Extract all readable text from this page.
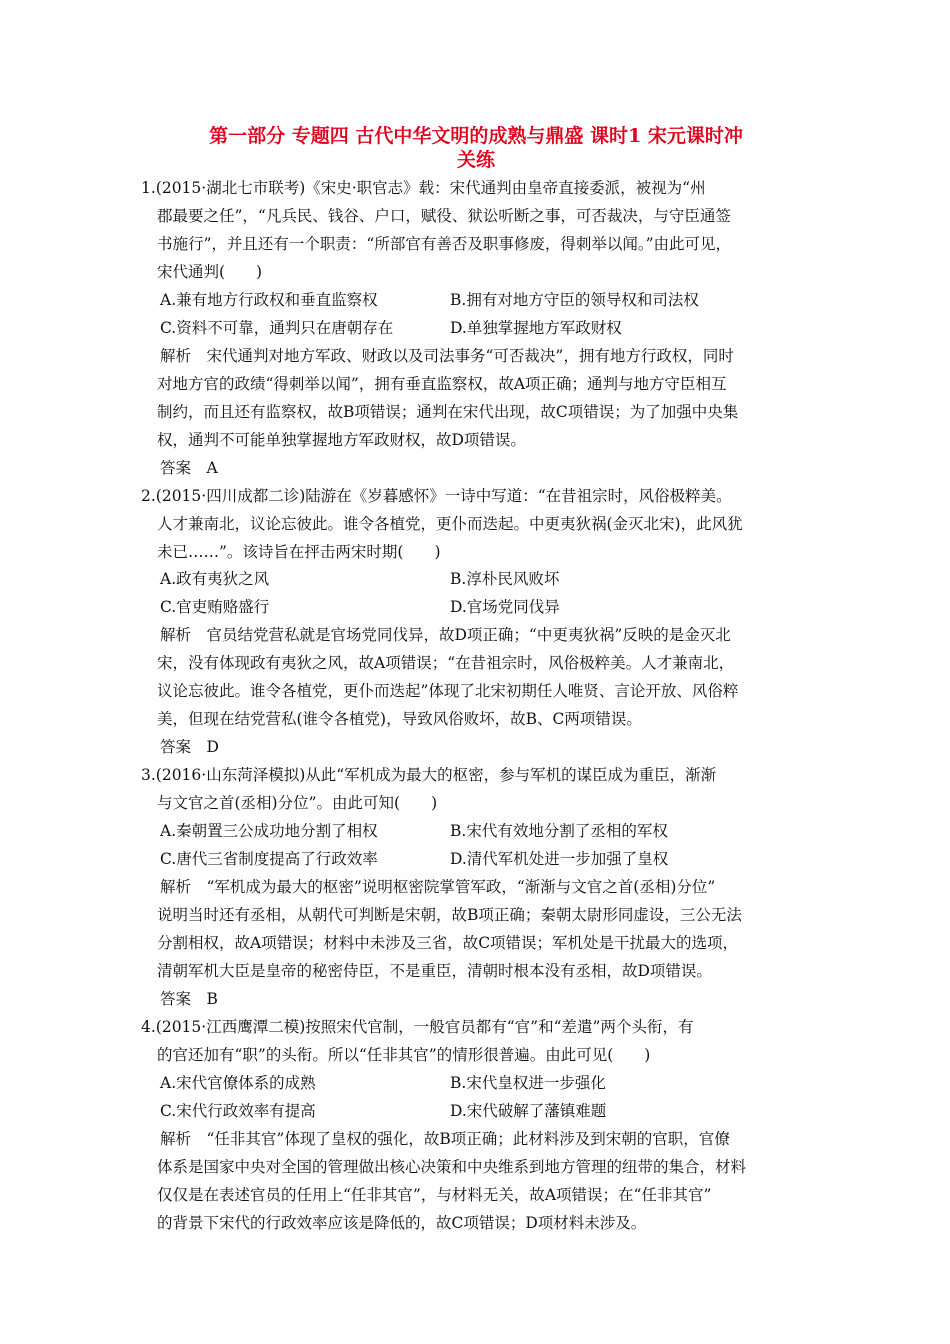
第一部分 专题四 古代中华文明的成熟与鼎盛 课时1 宋元课时冲
关练
1.(2015·湖北七市联考)《宋史·职官志》载：宋代通判由皇帝直接委派，被视为“州
郡最要之任”，“凡兵民、钱谷、户口，赋役、狱讼听断之事，可否裁决，与守臣通签
书施行”，并且还有一个职责：“所部官有善否及职事修废，得刺举以闻。”由此可见，
宋代通判(　　)
A.兼有地方行政权和垂直监察权	B.拥有对地方守臣的领导权和司法权
C.资料不可靠，通判只在唐朝存在	D.单独掌握地方军政财权
解析　宋代通判对地方军政、财政以及司法事务“可否裁决”，拥有地方行政权，同时
对地方官的政绩“得刺举以闻”，拥有垂直监察权，故A项正确；通判与地方守臣相互
制约，而且还有监察权，故B项错误；通判在宋代出现，故C项错误；为了加强中央集
权，通判不可能单独掌握地方军政财权，故D项错误。
答案　A
2.(2015·四川成都二诊)陆游在《岁暮感怀》一诗中写道：“在昔祖宗时，风俗极粹美。
人才兼南北，议论忘彼此。谁令各植党，更仆而迭起。中更夷狄祸(金灭北宋)，此风犹
未已……”。该诗旨在抨击两宋时期(　　)
A.政有夷狄之风	B.淳朴民风败坏
C.官吏贿赂盛行	D.官场党同伐异
解析　官员结党营私就是官场党同伐异，故D项正确；“中更夷狄祸”反映的是金灭北
宋，没有体现政有夷狄之风，故A项错误；“在昔祖宗时，风俗极粹美。人才兼南北，
议论忘彼此。谁令各植党，更仆而迭起”体现了北宋初期任人唯贤、言论开放、风俗粹
美，但现在结党营私(谁令各植党)，导致风俗败坏，故B、C两项错误。
答案　D
3.(2016·山东菏泽模拟)从此“军机成为最大的枢密，参与军机的谋臣成为重臣，渐渐
与文官之首(丞相)分位”。由此可知(　　)
A.秦朝置三公成功地分割了相权	B.宋代有效地分割了丞相的军权
C.唐代三省制度提高了行政效率	D.清代军机处进一步加强了皇权
解析　“军机成为最大的枢密”说明枢密院掌管军政，“渐渐与文官之首(丞相)分位”
说明当时还有丞相，从朝代可判断是宋朝，故B项正确；秦朝太尉形同虚设，三公无法
分割相权，故A项错误；材料中未涉及三省，故C项错误；军机处是干扰最大的选项，
清朝军机大臣是皇帝的秘密侍臣，不是重臣，清朝时根本没有丞相，故D项错误。
答案　B
4.(2015·江西鹰潭二模)按照宋代官制，一般官员都有“官”和“差遣”两个头衔，有
的官还加有“职”的头衔。所以“任非其官”的情形很普遍。由此可见(　　)
A.宋代官僚体系的成熟	B.宋代皇权进一步强化
C.宋代行政效率有提高	D.宋代破解了藩镇难题
解析　“任非其官”体现了皇权的强化，故B项正确；此材料涉及到宋朝的官职，官僚
体系是国家中央对全国的管理做出核心决策和中央维系到地方管理的纽带的集合，材料
仅仅是在表述官员的任用上“任非其官”，与材料无关，故A项错误；在“任非其官”
的背景下宋代的行政效率应该是降低的，故C项错误；D项材料未涉及。
